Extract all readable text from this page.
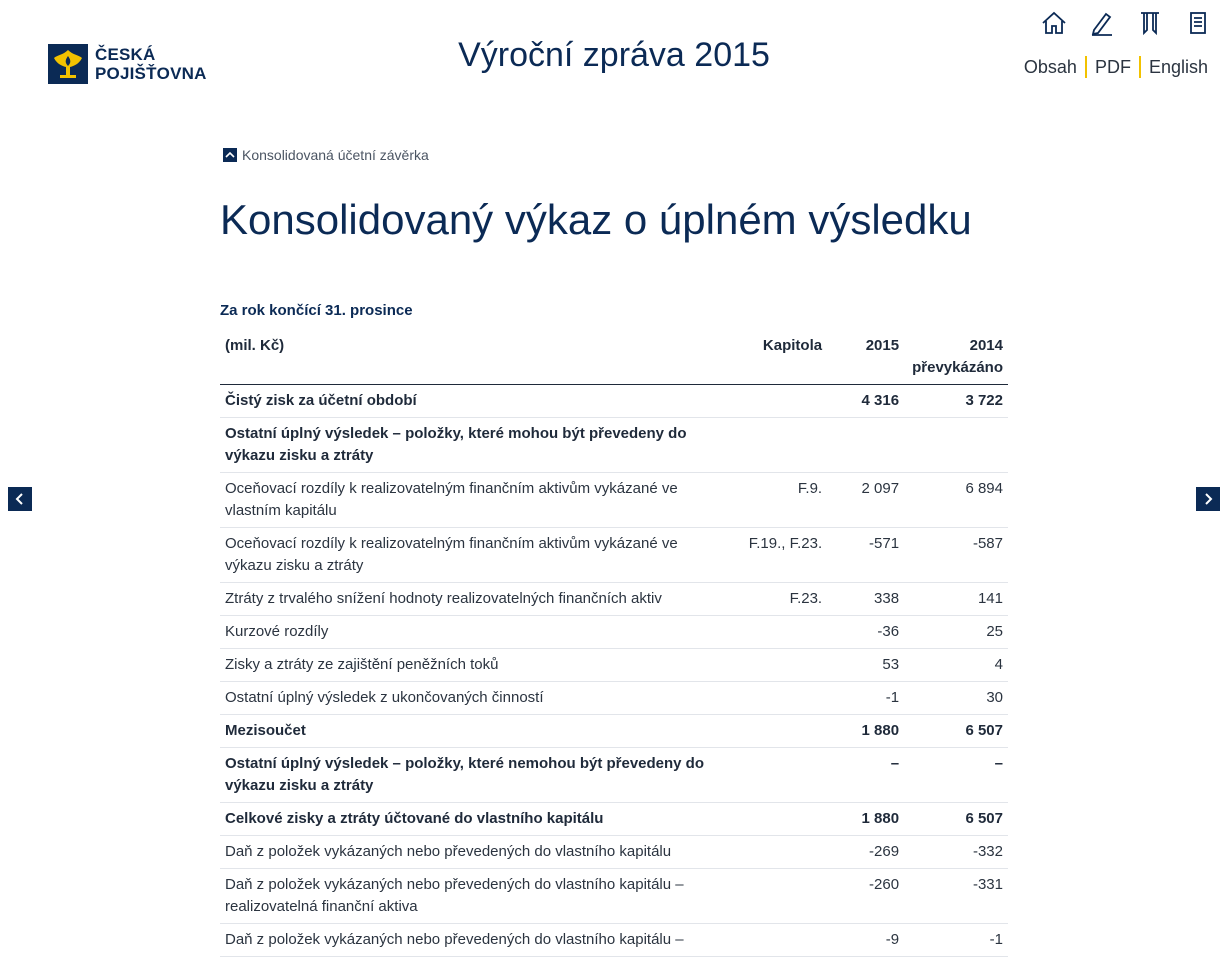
ČESKÁ
POJIŠŤOVNA	Výroční zpráva 2015	Obsah	PDF	English
Konsolidovaná účetní závěrka
Konsolidovaný výkaz o úplném výsledku
Za rok končící 31. prosince
(mil. Kč)	Kapitola	2015	2014
převykázáno

Čistý zisk za účetní období		4 316	3 722
Ostatní úplný výsledek – položky, které mohou být převedeny do výkazu zisku a ztráty			
Oceňovací rozdíly k realizovatelným finančním aktivům vykázané ve vlastním kapitálu	F.9.	2 097	6 894
Oceňovací rozdíly k realizovatelným finančním aktivům vykázané ve výkazu zisku a ztráty	F.19., F.23.	-571	-587
Ztráty z trvalého snížení hodnoty realizovatelných finančních aktiv	F.23.	338	141
Kurzové rozdíly		-36	25
Zisky a ztráty ze zajištění peněžních toků		53	4
Ostatní úplný výsledek z ukončovaných činností		-1	30
Mezisoučet		1 880	6 507
Ostatní úplný výsledek – položky, které nemohou být převedeny do výkazu zisku a ztráty		–	–
Celkové zisky a ztráty účtované do vlastního kapitálu		1 880	6 507
Daň z položek vykázaných nebo převedených do vlastního kapitálu		-269	-332
Daň z položek vykázaných nebo převedených do vlastního kapitálu – realizovatelná finanční aktiva		-260	-331
Daň z položek vykázaných nebo převedených do vlastního kapitálu –		-9	-1
